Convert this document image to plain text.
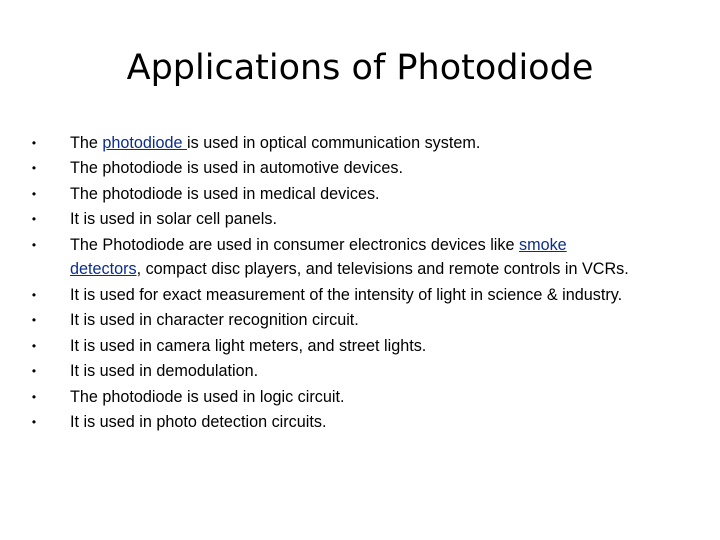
Applications of Photodiode
• The photodiode is used in optical communication system.
• The photodiode is used in automotive devices.
• The photodiode is used in medical devices.
• It is used in solar cell panels.
• The Photodiode are used in consumer electronics devices like smoke detectors, compact disc players, and televisions and remote controls in VCRs.
• It is used for exact measurement of the intensity of light in science & industry.
• It is used in character recognition circuit.
• It is used in camera light meters, and street lights.
• It is used in demodulation.
• The photodiode is used in logic circuit.
• It is used in photo detection circuits.
